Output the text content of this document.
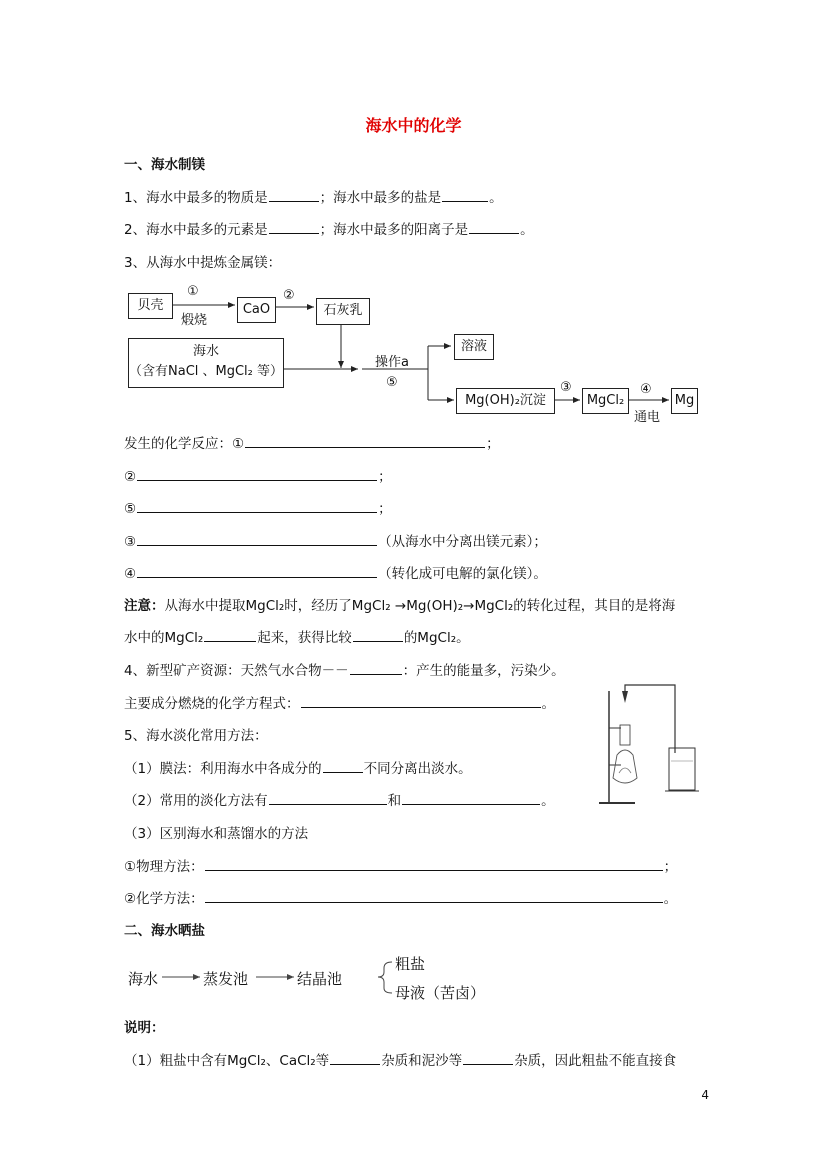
海水中的化学
一、海水制镁
1、海水中最多的物质是	；海水中最多的盐是	。
2、海水中最多的元素是	；海水中最多的阳离子是	。
3、从海水中提炼金属镁：
贝壳
①
煅烧
CaO
②
石灰乳
海水
（含有NaCl 、MgCl₂ 等）
操作a
⑤
溶液
Mg(OH)₂沉淀
③
MgCl₂
④
通电
Mg
发生的化学反应：①	；
②	；
⑤	；
③	（从海水中分离出镁元素）；
④	（转化成可电解的氯化镁）。
注意：从海水中提取MgCl₂时，经历了MgCl₂ →Mg(OH)₂→MgCl₂的转化过程，其目的是将海
水中的MgCl₂	起来，获得比较	的MgCl₂。
4、新型矿产资源：天然气水合物－－	：产生的能量多，污染少。
主要成分燃烧的化学方程式：	。
5、海水淡化常用方法：
（1）膜法：利用海水中各成分的	不同分离出淡水。
（2）常用的淡化方法有	和	。
（3）区别海水和蒸馏水的方法
①物理方法：	；
②化学方法：	。
二、海水晒盐
海水	蒸发池	结晶池
粗盐
母液（苦卤）
说明：
（1）粗盐中含有MgCl₂、CaCl₂等	杂质和泥沙等	杂质，因此粗盐不能直接食
4
